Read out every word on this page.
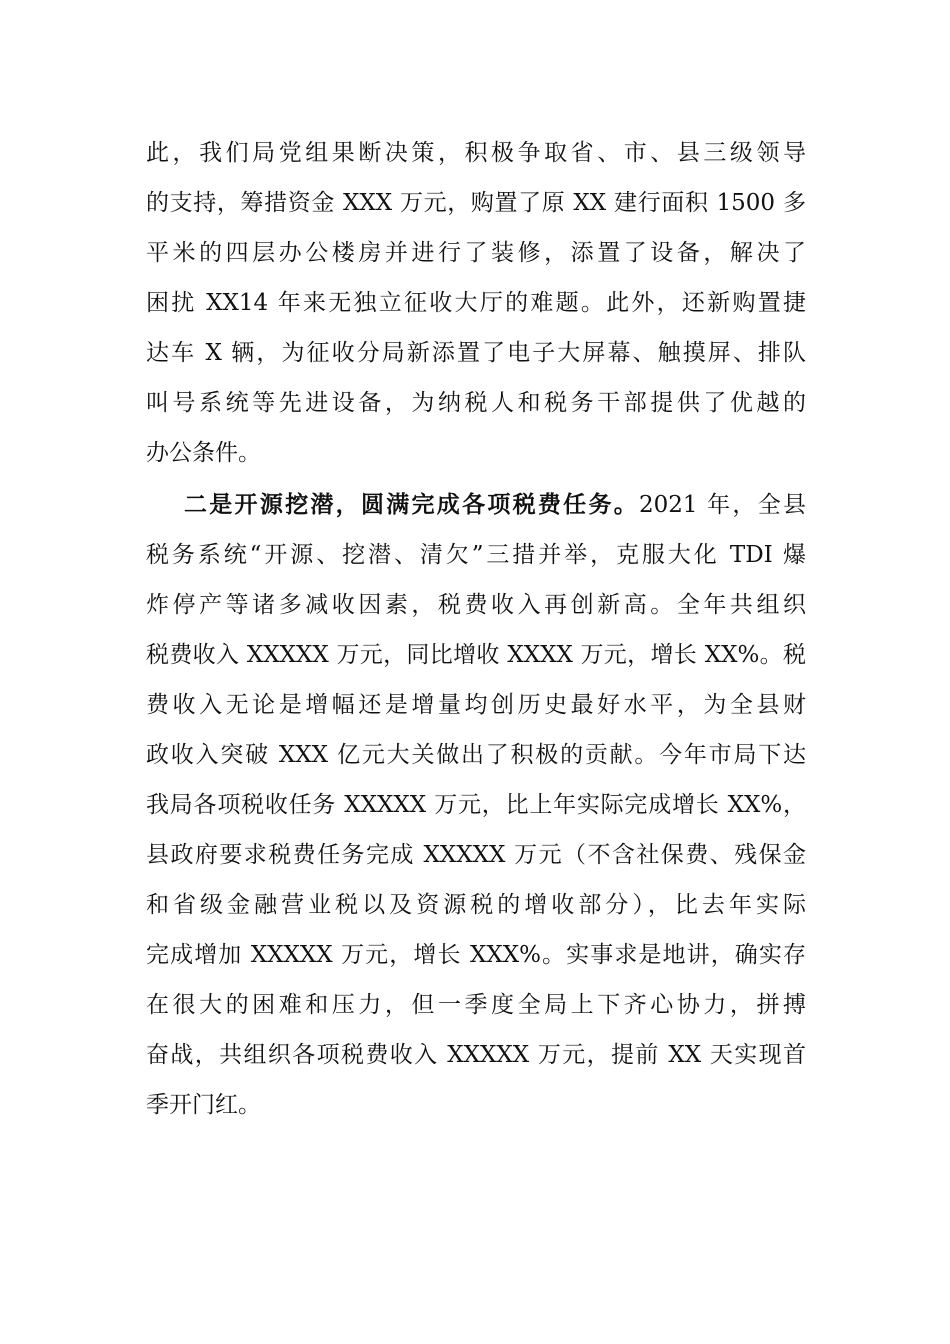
此，我们局党组果断决策，积极争取省、市、县三级领导
的支持，筹措资金 XXX 万元，购置了原 XX 建行面积 1500 多
平米的四层办公楼房并进行了装修，添置了设备，解决了
困扰 XX14 年来无独立征收大厅的难题。此外，还新购置捷
达车 X 辆，为征收分局新添置了电子大屏幕、触摸屏、排队
叫号系统等先进设备，为纳税人和税务干部提供了优越的
办公条件。
二是开源挖潜，圆满完成各项税费任务。2021 年，全县
税务系统“开源、挖潜、清欠”三措并举，克服大化 TDI 爆
炸停产等诸多减收因素，税费收入再创新高。全年共组织
税费收入 XXXXX 万元，同比增收 XXXX 万元，增长 XX%。税
费收入无论是增幅还是增量均创历史最好水平，为全县财
政收入突破 XXX 亿元大关做出了积极的贡献。今年市局下达
我局各项税收任务 XXXXX 万元，比上年实际完成增长 XX%，
县政府要求税费任务完成 XXXXX 万元（不含社保费、残保金
和省级金融营业税以及资源税的增收部分），比去年实际
完成增加 XXXXX 万元，增长 XXX%。实事求是地讲，确实存
在很大的困难和压力，但一季度全局上下齐心协力，拼搏
奋战，共组织各项税费收入 XXXXX 万元，提前 XX 天实现首
季开门红。
